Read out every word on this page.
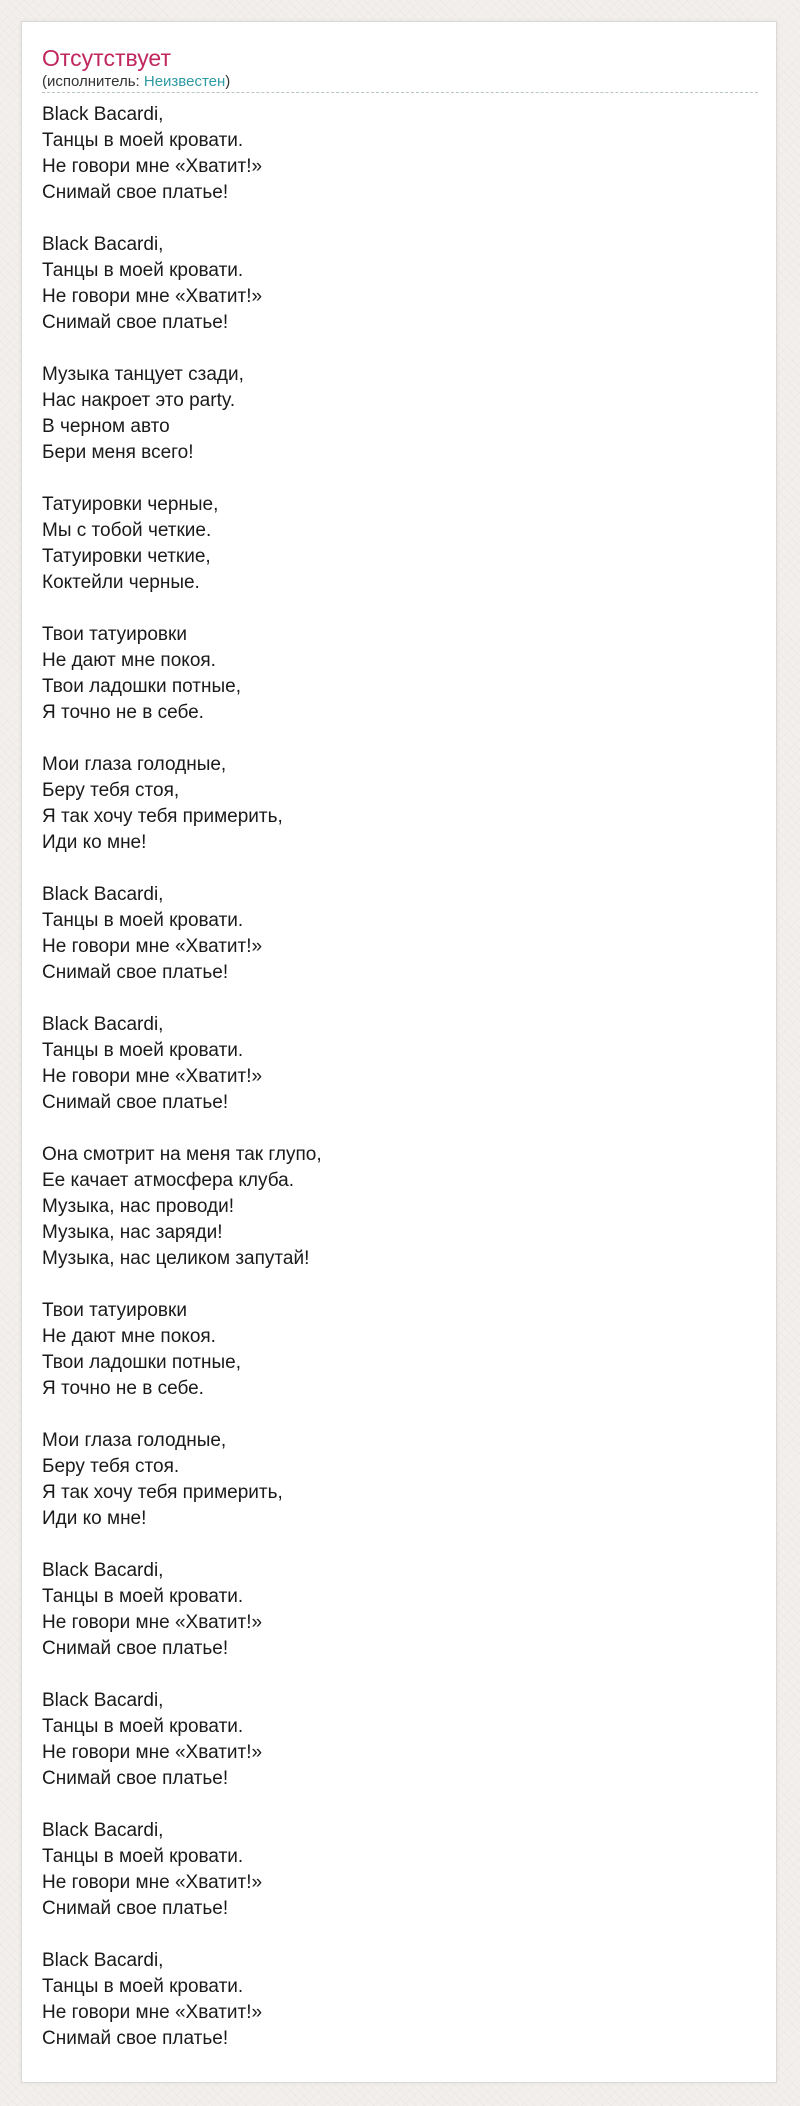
Отсутствует
(исполнитель: Неизвестен)

Black Bacardi,
Танцы в моей кровати.
Не говори мне «Хватит!»
Снимай свое платье!

Black Bacardi,
Танцы в моей кровати.
Не говори мне «Хватит!»
Снимай свое платье!

Музыка танцует сзади,
Нас накроет это party.
В черном авто
Бери меня всего!

Татуировки черные,
Мы с тобой четкие.
Татуировки четкие,
Коктейли черные.

Твои татуировки
Не дают мне покоя.
Твои ладошки потные,
Я точно не в себе.

Мои глаза голодные,
Беру тебя стоя,
Я так хочу тебя примерить,
Иди ко мне!

Black Bacardi,
Танцы в моей кровати.
Не говори мне «Хватит!»
Снимай свое платье!

Black Bacardi,
Танцы в моей кровати.
Не говори мне «Хватит!»
Снимай свое платье!

Она смотрит на меня так глупо,
Ее качает атмосфера клуба.
Музыка, нас проводи!
Музыка, нас заряди!
Музыка, нас целиком запутай!

Твои татуировки
Не дают мне покоя.
Твои ладошки потные,
Я точно не в себе.

Мои глаза голодные,
Беру тебя стоя.
Я так хочу тебя примерить,
Иди ко мне!

Black Bacardi,
Танцы в моей кровати.
Не говори мне «Хватит!»
Снимай свое платье!

Black Bacardi,
Танцы в моей кровати.
Не говори мне «Хватит!»
Снимай свое платье!

Black Bacardi,
Танцы в моей кровати.
Не говори мне «Хватит!»
Снимай свое платье!

Black Bacardi,
Танцы в моей кровати.
Не говори мне «Хватит!»
Снимай свое платье!
